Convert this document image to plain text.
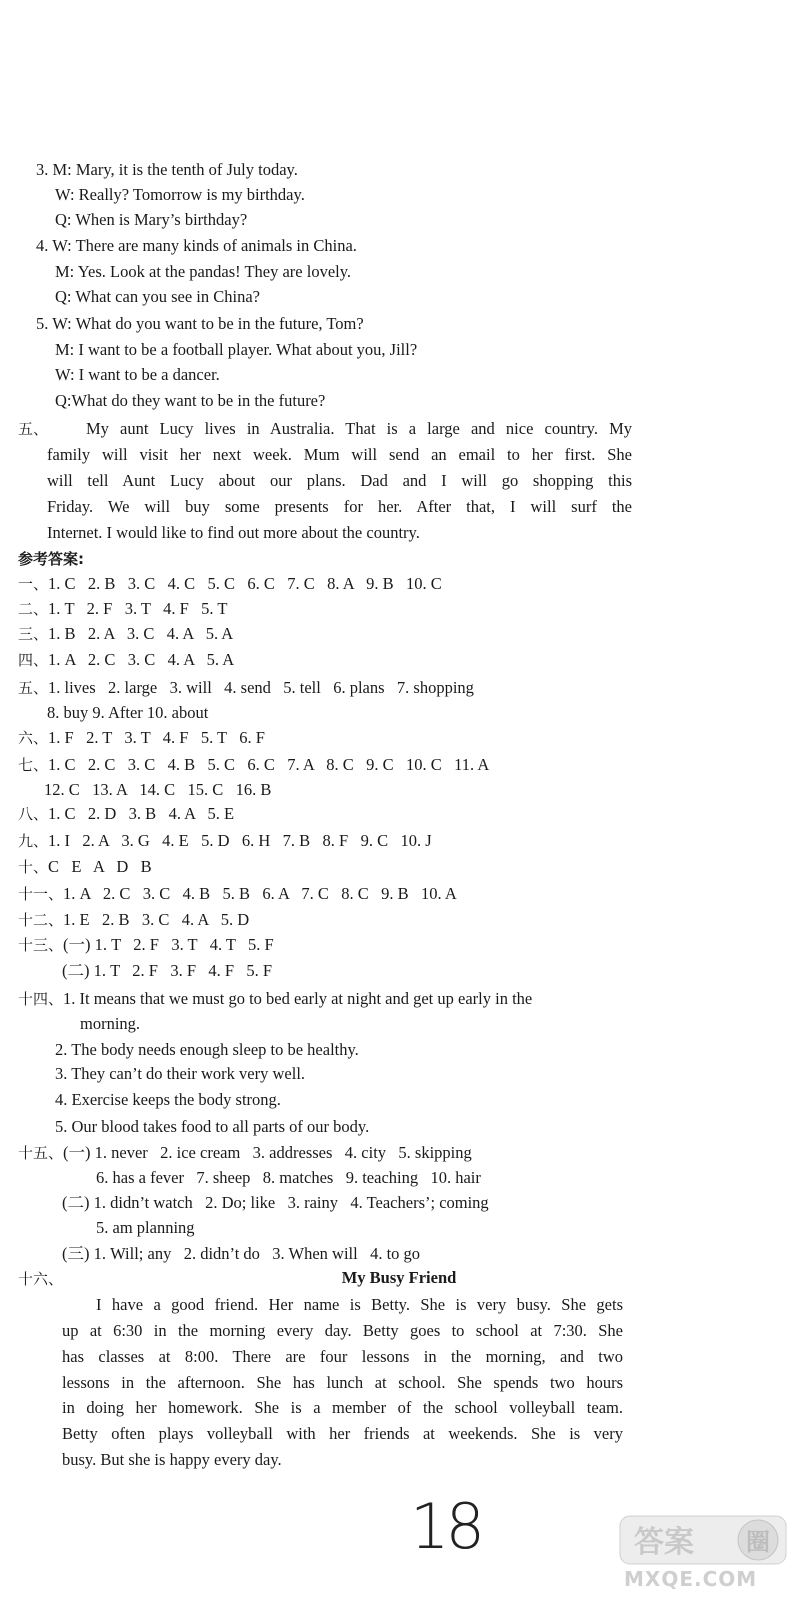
3. M: Mary, it is the tenth of July today.
W: Really? Tomorrow is my birthday.
Q: When is Mary’s birthday?
4. W: There are many kinds of animals in China.
M: Yes. Look at the pandas! They are lovely.
Q: What can you see in China?
5. W: What do you want to be in the future, Tom?
M: I want to be a football player. What about you, Jill?
W: I want to be a dancer.
Q:What do they want to be in the future?
五、 My aunt Lucy lives in Australia. That is a large and nice country. My
family will visit her next week. Mum will send an email to her first. She
will tell Aunt Lucy about our plans. Dad and I will go shopping this
Friday. We will buy some presents for her. After that, I will surf the
Internet. I would like to find out more about the country.
参考答案:
一、1. C   2. B   3. C   4. C   5. C   6. C   7. C   8. A   9. B   10. C
二、1. T   2. F   3. T   4. F   5. T
三、1. B   2. A   3. C   4. A   5. A
四、1. A   2. C   3. C   4. A   5. A
五、1. lives   2. large   3. will   4. send   5. tell   6. plans   7. shopping
8. buy 9. After 10. about
六、1. F   2. T   3. T   4. F   5. T   6. F
七、1. C   2. C   3. C   4. B   5. C   6. C   7. A   8. C   9. C   10. C   11. A
12. C   13. A   14. C   15. C   16. B
八、1. C   2. D   3. B   4. A   5. E
九、1. I   2. A   3. G   4. E   5. D   6. H   7. B   8. F   9. C   10. J
十、C   E   A   D   B
十一、1. A   2. C   3. C   4. B   5. B   6. A   7. C   8. C   9. B   10. A
十二、1. E   2. B   3. C   4. A   5. D
十三、(一) 1. T   2. F   3. T   4. T   5. F
(二) 1. T   2. F   3. F   4. F   5. F
十四、1. It means that we must go to bed early at night and get up early in the
morning.
2. The body needs enough sleep to be healthy.
3. They can’t do their work very well.
4. Exercise keeps the body strong.
5. Our blood takes food to all parts of our body.
十五、(一) 1. never   2. ice cream   3. addresses   4. city   5. skipping
6. has a fever   7. sheep   8. matches   9. teaching   10. hair
(二) 1. didn’t watch   2. Do; like   3. rainy   4. Teachers’; coming
5. am planning
(三) 1. Will; any   2. didn’t do   3. When will   4. to go
十六、	My Busy Friend
I have a good friend. Her name is Betty. She is very busy. She gets
up at 6:30 in the morning every day. Betty goes to school at 7:30. She
has classes at 8:00. There are four lessons in the morning, and two
lessons in the afternoon. She has lunch at school. She spends two hours
in doing her homework. She is a member of the school volleyball team.
Betty often plays volleyball with her friends at weekends. She is very
busy. But she is happy every day.
18	答案 圈
MXQE.COM
